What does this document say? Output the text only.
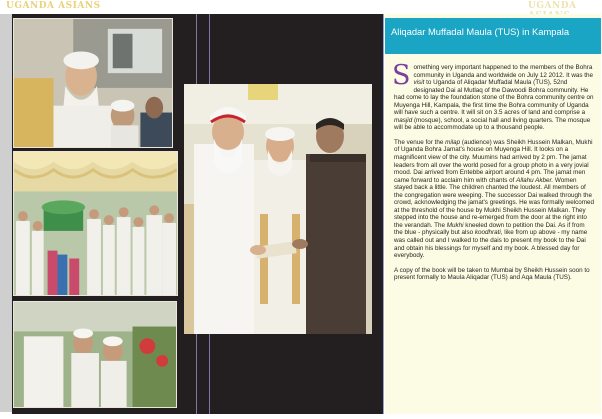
UGANDA ASIANS	UGANDA
Aliqadar Muffadal Maula (TUS) in Kampala

Something very important happened to the members of the Bohra community in Uganda and worldwide on July 12 2012. It was the visit to Uganda of Aliqadar Muffadal Maula (TUS), 52nd designated Dai al Mutlaq of the Dawoodi Bohra community. He had come to lay the foundation stone of the Bohra community centre on Muyenga Hill, Kampala, the first time the Bohra community of Uganda will have such a centre. It will sit on 3.5 acres of land and comprise a masjid (mosque), school, a social hall and living quarters. The mosque will be able to accommodate up to a thousand people.

The venue for the milap (audience) was Sheikh Hussein Malkan, Mukhi of Uganda Bohra Jamat's house on Muyenga Hill. It looks on a magnificent view of the city. Muumins had arrived by 2 pm. The jamat leaders from all over the world posed for a group photo in a very jovial mood. Dai arrived from Entebbe airport around 4 pm. The jamat men came forward to acclaim him with chants of Allahu Akber. Women stayed back a little. The children chanted the loudest. All members of the congregation were weeping. The successor Dai walked through the crowd, acknowledging the jamat's greetings. He was formally welcomed at the threshold of the house by Mukhi Sheikh Hussein Malkan. They stepped into the house and re-emerged from the door at the right into the verandah. The Mukhi kneeled down to petition the Dai. As if from the blue - physically but also koodhrati, like from up above - my name was called out and I walked to the dais to present my book to the Dai and obtain his blessings for myself and my book. A blessed day for everybody.

A copy of the book will be taken to Mumbai by Sheikh Hussein soon to present formally to Maula Aliqadar (TUS) and Aqa Maula (TUS).
